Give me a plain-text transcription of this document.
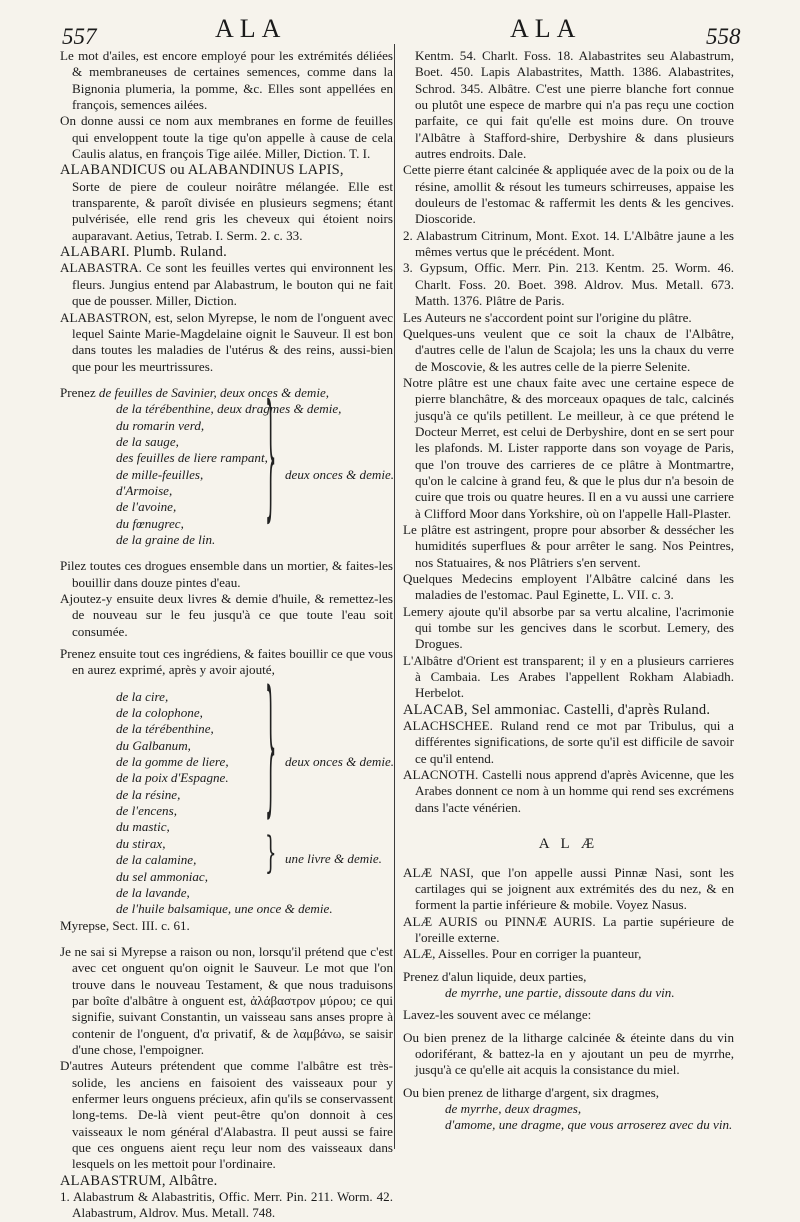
557	ALA	ALA	558

Le mot d'ailes, est encore employé pour les extrémités déliées & membraneuses de certaines semences, comme dans la Bignonia plumeria, la pomme, &c. Elles sont appellées en françois, semences ailées.

On donne aussi ce nom aux membranes en forme de feuilles qui enveloppent toute la tige qu'on appelle à cause de cela Caulis alatus, en françois Tige ailée. Miller, Diction. T. I.

ALABANDICUS ou ALABANDINUS LAPIS,

Sorte de piere de couleur noirâtre mélangée. Elle est transparente, & paroît divisée en plusieurs segmens; étant pulvérisée, elle rend gris les cheveux qui étoient noirs auparavant. Aetius, Tetrab. I. Serm. 2. c. 33.

ALABARI. Plumb. Ruland.

ALABASTRA. Ce sont les feuilles vertes qui environnent les fleurs. Jungius entend par Alabastrum, le bouton qui ne fait que de pousser. Miller, Diction.

ALABASTRON, est, selon Myrepse, le nom de l'onguent avec lequel Sainte Marie-Magdelaine oignit le Sauveur. Il est bon dans toutes les maladies de l'utérus & des reins, aussi-bien que pour les meurtrissures.

Prenez de feuilles de Savinier, deux onces & demie,
de la térébenthine, deux dragmes & demie,
du romarin verd,
de la sauge,
des feuilles de liere rampant,
de mille-feuilles,
d'Armoise,
de l'avoine,
du fœnugrec,
de la graine de lin.	} deux onces & demie.

Pilez toutes ces drogues ensemble dans un mortier, & faites-les bouillir dans douze pintes d'eau.

Ajoutez-y ensuite deux livres & demie d'huile, & remettez-les de nouveau sur le feu jusqu'à ce que toute l'eau soit consumée.

Prenez ensuite tout ces ingrédiens, & faites bouillir ce que vous en aurez exprimé, après y avoir ajouté,

de la cire,
de la colophone,
de la térébenthine,
du Galbanum,
de la gomme de liere,
de la poix d'Espagne.
de la résine,
de l'encens,
du mastic,
du stirax,
de la calamine,
du sel ammoniac,
de la lavande,
de l'huile balsamique, une once & demie.
} deux onces & demie.
} une livre & demie.

Myrepse, Sect. III. c. 61.

Je ne sai si Myrepse a raison ou non, lorsqu'il prétend que c'est avec cet onguent qu'on oignit le Sauveur. Le mot que l'on trouve dans le nouveau Testament, & que nous traduisons par boîte d'albâtre à onguent est, ἀλάβαστρον μύρου; ce qui signifie, suivant Constantin, un vaisseau sans anses propre à contenir de l'onguent, d'α privatif, & de λαμβάνω, se saisir d'une chose, l'empoigner.

D'autres Auteurs prétendent que comme l'albâtre est très-solide, les anciens en faisoient des vaisseaux pour y enfermer leurs onguens précieux, afin qu'ils se conservassent long-tems. De-là vient peut-être qu'on donnoit à ces vaisseaux le nom général d'Alabastra. Il peut aussi se faire que ces onguens aient reçu leur nom des vaisseaux dans lesquels on les mettoit pour l'ordinaire.

ALABASTRUM, Albâtre.

1. Alabastrum & Alabastritis, Offic. Merr. Pin. 211. Worm. 42. Alabastrum, Aldrov. Mus. Metall. 748.

Kentm. 54. Charlt. Foss. 18. Alabastrites seu Alabastrum, Boet. 450. Lapis Alabastrites, Matth. 1386. Alabastrites, Schrod. 345. Albâtre. C'est une pierre blanche fort connue ou plutôt une espece de marbre qui n'a pas reçu une coction parfaite, ce qui fait qu'elle est moins dure. On trouve l'Albâtre à Stafford-shire, Derbyshire & dans plusieurs autres endroits. Dale.

Cette pierre étant calcinée & appliquée avec de la poix ou de la résine, amollit & résout les tumeurs schirreuses, appaise les douleurs de l'estomac & raffermit les dents & les gencives. Dioscoride.

2. Alabastrum Citrinum, Mont. Exot. 14. L'Albâtre jaune a les mêmes vertus que le précédent. Mont.

3. Gypsum, Offic. Merr. Pin. 213. Kentm. 25. Worm. 46. Charlt. Foss. 20. Boet. 398. Aldrov. Mus. Metall. 673. Matth. 1376. Plâtre de Paris.

Les Auteurs ne s'accordent point sur l'origine du plâtre.

Quelques-uns veulent que ce soit la chaux de l'Albâtre, d'autres celle de l'alun de Scajola; les uns la chaux du verre de Moscovie, & les autres celle de la pierre Selenite.

Notre plâtre est une chaux faite avec une certaine espece de pierre blanchâtre, & des morceaux opaques de talc, calcinés jusqu'à ce qu'ils petillent. Le meilleur, à ce que prétend le Docteur Merret, est celui de Derbyshire, dont en se sert pour les plafonds. M. Lister rapporte dans son voyage de Paris, que l'on trouve des carrieres de ce plâtre à Montmartre, qu'on le calcine à grand feu, & que le plus dur n'a besoin de cuire que trois ou quatre heures. Il en a vu aussi une carriere à Clifford Moor dans Yorkshire, où on l'appelle Hall-Plaster.

Le plâtre est astringent, propre pour absorber & dessécher les humidités superflues & pour arrêter le sang. Nos Peintres, nos Statuaires, & nos Plâtriers s'en servent.

Quelques Medecins employent l'Albâtre calciné dans les maladies de l'estomac. Paul Eginette, L. VII. c. 3.

Lemery ajoute qu'il absorbe par sa vertu alcaline, l'acrimonie qui tombe sur les gencives dans le scorbut. Lemery, des Drogues.

L'Albâtre d'Orient est transparent; il y en a plusieurs carrieres à Cambaia. Les Arabes l'appellent Rokham Alabiadh. Herbelot.

ALACAB, Sel ammoniac. Castelli, d'après Ruland.

ALACHSCHEE. Ruland rend ce mot par Tribulus, qui a différentes significations, de sorte qu'il est difficile de savoir ce qu'il entend.

ALACNOTH. Castelli nous apprend d'après Avicenne, que les Arabes donnent ce nom à un homme qui rend ses excrémens dans l'acte vénérien.

A L Æ

ALÆ NASI, que l'on appelle aussi Pinnæ Nasi, sont les cartilages qui se joignent aux extrémités des du nez, & en forment la partie inférieure & mobile. Voyez Nasus.

ALÆ AURIS ou PINNÆ AURIS. La partie supérieure de l'oreille externe.

ALÆ, Aisselles. Pour en corriger la puanteur,

Prenez d'alun liquide, deux parties,

de myrrhe, une partie, dissoute dans du vin.

Lavez-les souvent avec ce mélange:

Ou bien prenez de la litharge calcinée & éteinte dans du vin odoriférant, & battez-la en y ajoutant un peu de myrrhe, jusqu'à ce qu'elle ait acquis la consistance du miel.

Ou bien prenez de litharge d'argent, six dragmes,

de myrrhe, deux dragmes,

d'amome, une dragme, que vous arroserez avec du vin.
